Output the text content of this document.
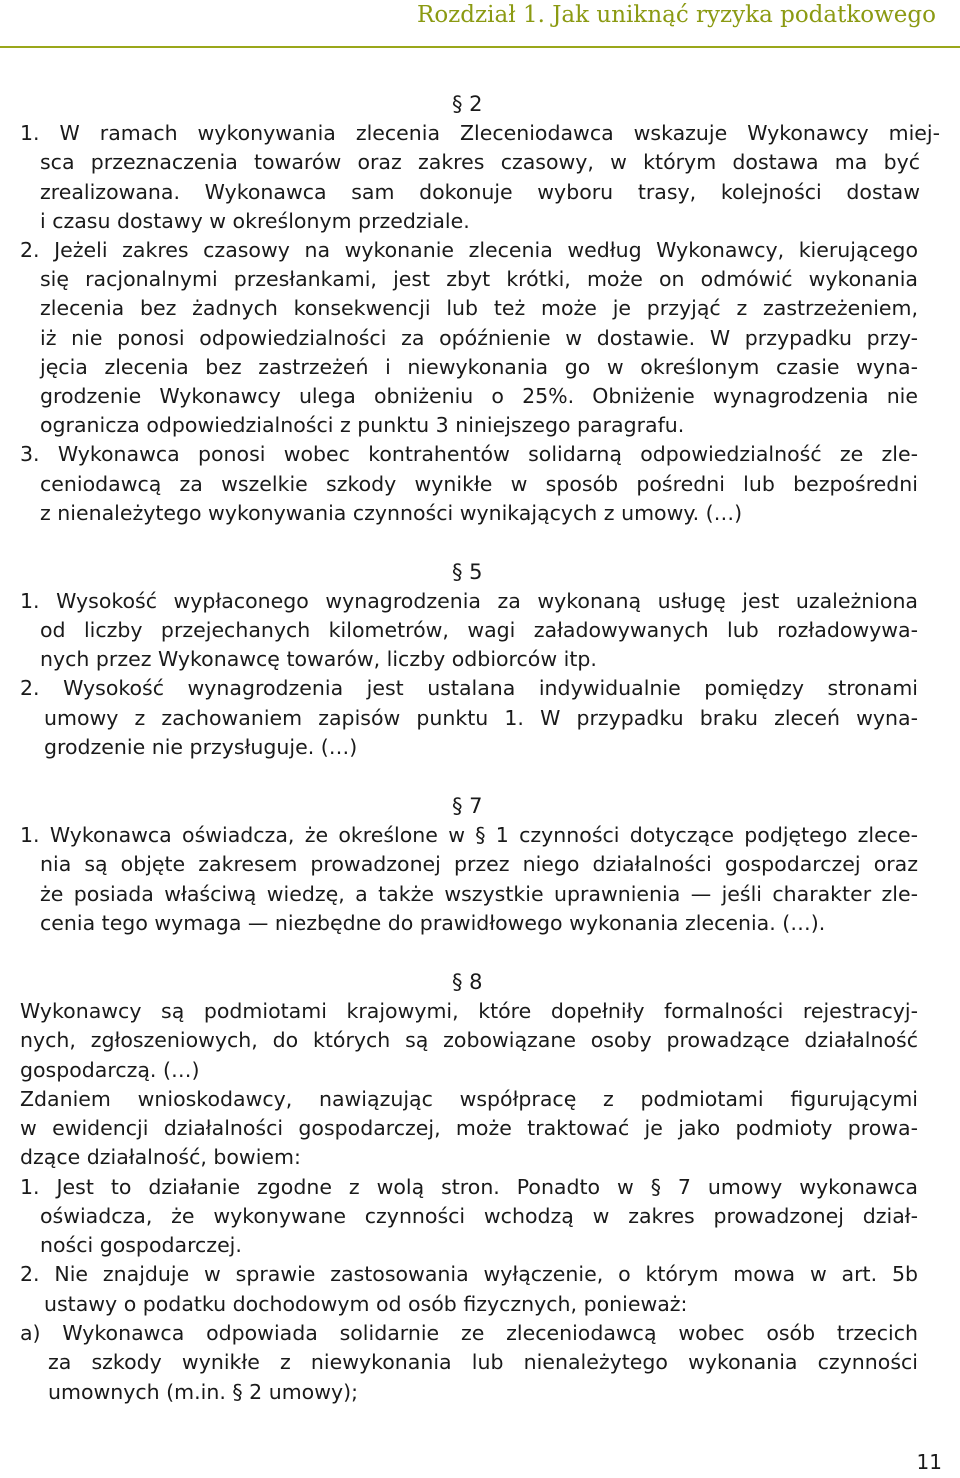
Rozdział 1. Jak uniknąć ryzyka podatkowego
§ 2
1. W ramach wykonywania zlecenia Zleceniodawca wskazuje Wykonawcy miej-
sca przeznaczenia towarów oraz zakres czasowy, w którym dostawa ma być
zrealizowana. Wykonawca sam dokonuje wyboru trasy, kolejności dostaw
i czasu dostawy w określonym przedziale.
2. Jeżeli zakres czasowy na wykonanie zlecenia według Wykonawcy, kierującego
się racjonalnymi przesłankami, jest zbyt krótki, może on odmówić wykonania
zlecenia bez żadnych konsekwencji lub też może je przyjąć z zastrzeżeniem,
iż nie ponosi odpowiedzialności za opóźnienie w dostawie. W przypadku przy-
jęcia zlecenia bez zastrzeżeń i niewykonania go w określonym czasie wyna-
grodzenie Wykonawcy ulega obniżeniu o 25%. Obniżenie wynagrodzenia nie
ogranicza odpowiedzialności z punktu 3 niniejszego paragrafu.
3. Wykonawca ponosi wobec kontrahentów solidarną odpowiedzialność ze zle-
ceniodawcą za wszelkie szkody wynikłe w sposób pośredni lub bezpośredni
z nienależytego wykonywania czynności wynikających z umowy. (…)
§ 5
1. Wysokość wypłaconego wynagrodzenia za wykonaną usługę jest uzależniona
od liczby przejechanych kilometrów, wagi załadowywanych lub rozładowywa-
nych przez Wykonawcę towarów, liczby odbiorców itp.
2. Wysokość wynagrodzenia jest ustalana indywidualnie pomiędzy stronami
umowy z zachowaniem zapisów punktu 1. W przypadku braku zleceń wyna-
grodzenie nie przysługuje. (…)
§ 7
1. Wykonawca oświadcza, że określone w § 1 czynności dotyczące podjętego zlece-
nia są objęte zakresem prowadzonej przez niego działalności gospodarczej oraz
że posiada właściwą wiedzę, a także wszystkie uprawnienia — jeśli charakter zle-
cenia tego wymaga — niezbędne do prawidłowego wykonania zlecenia. (…).
§ 8
Wykonawcy są podmiotami krajowymi, które dopełniły formalności rejestracyj-
nych, zgłoszeniowych, do których są zobowiązane osoby prowadzące działalność
gospodarczą. (…)
Zdaniem wnioskodawcy, nawiązując współpracę z podmiotami figurującymi
w ewidencji działalności gospodarczej, może traktować je jako podmioty prowa-
dzące działalność, bowiem:
1. Jest to działanie zgodne z wolą stron. Ponadto w § 7 umowy wykonawca
oświadcza, że wykonywane czynności wchodzą w zakres prowadzonej dział-
ności gospodarczej.
2. Nie znajduje w sprawie zastosowania wyłączenie, o którym mowa w art. 5b
ustawy o podatku dochodowym od osób fizycznych, ponieważ:
a) Wykonawca odpowiada solidarnie ze zleceniodawcą wobec osób trzecich
za szkody wynikłe z niewykonania lub nienależytego wykonania czynności
umownych (m.in. § 2 umowy);
11
